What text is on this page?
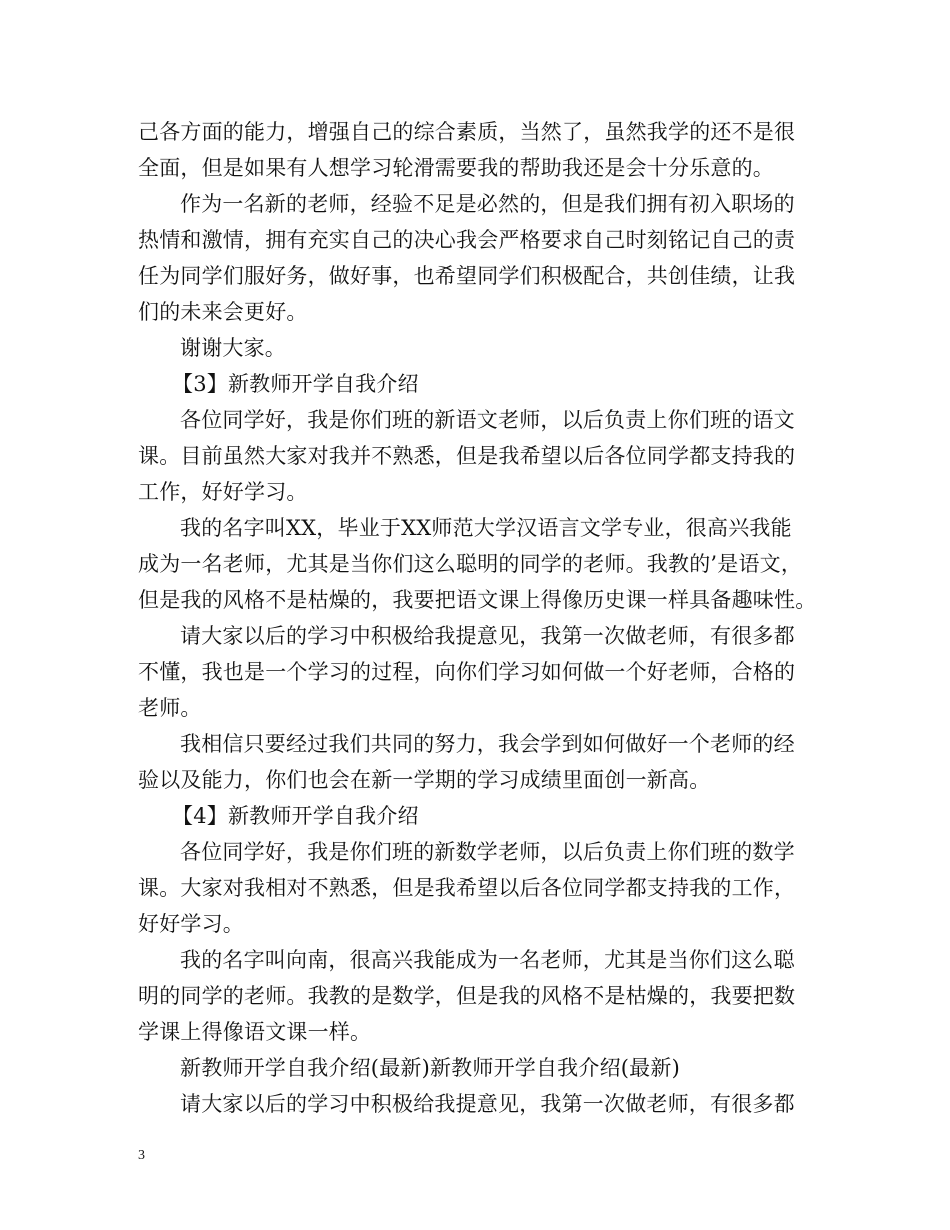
己各方面的能力，增强自己的综合素质，当然了，虽然我学的还不是很
全面，但是如果有人想学习轮滑需要我的帮助我还是会十分乐意的。
作为一名新的老师，经验不足是必然的，但是我们拥有初入职场的
热情和激情，拥有充实自己的决心我会严格要求自己时刻铭记自己的责
任为同学们服好务，做好事，也希望同学们积极配合，共创佳绩，让我
们的未来会更好。
谢谢大家。
【3】新教师开学自我介绍
各位同学好，我是你们班的新语文老师，以后负责上你们班的语文
课。目前虽然大家对我并不熟悉，但是我希望以后各位同学都支持我的
工作，好好学习。
我的名字叫XX，毕业于XX师范大学汉语言文学专业，很高兴我能
成为一名老师，尤其是当你们这么聪明的同学的老师。我教的’是语文，
但是我的风格不是枯燥的，我要把语文课上得像历史课一样具备趣味性。
请大家以后的学习中积极给我提意见，我第一次做老师，有很多都
不懂，我也是一个学习的过程，向你们学习如何做一个好老师，合格的
老师。
我相信只要经过我们共同的努力，我会学到如何做好一个老师的经
验以及能力，你们也会在新一学期的学习成绩里面创一新高。
【4】新教师开学自我介绍
各位同学好，我是你们班的新数学老师，以后负责上你们班的数学
课。大家对我相对不熟悉，但是我希望以后各位同学都支持我的工作，
好好学习。
我的名字叫向南，很高兴我能成为一名老师，尤其是当你们这么聪
明的同学的老师。我教的是数学，但是我的风格不是枯燥的，我要把数
学课上得像语文课一样。
新教师开学自我介绍(最新)新教师开学自我介绍(最新)
请大家以后的学习中积极给我提意见，我第一次做老师，有很多都
3
